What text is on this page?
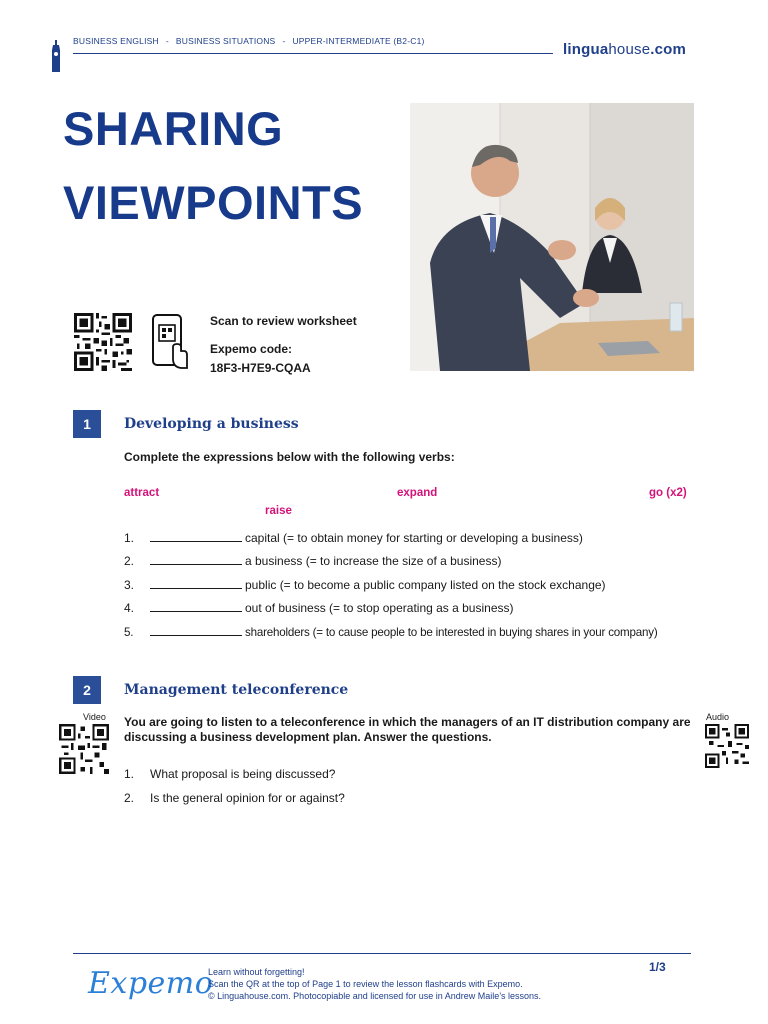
BUSINESS ENGLISH - BUSINESS SITUATIONS - UPPER-INTERMEDIATE (B2-C1)	linguahouse.com
SHARING
VIEWPOINTS
Scan to review worksheet
Expemo code:
18F3-H7E9-CQAA
1	Developing a business
Complete the expressions below with the following verbs:
attract	expand	go (x2)
raise
1.	capital (= to obtain money for starting or developing a business)
2.	a business (= to increase the size of a business)
3.	public (= to become a public company listed on the stock exchange)
4.	out of business (= to stop operating as a business)
5.	shareholders (= to cause people to be interested in buying shares in your company)
2	Management teleconference
Video	Audio
You are going to listen to a teleconference in which the managers of an IT distribution company are discussing a business development plan. Answer the questions.
1. What proposal is being discussed?
2. Is the general opinion for or against?
Expemo
Learn without forgetting!
Scan the QR at the top of Page 1 to review the lesson flashcards with Expemo.
© Linguahouse.com. Photocopiable and licensed for use in Andrew Maile's lessons.
1/3
